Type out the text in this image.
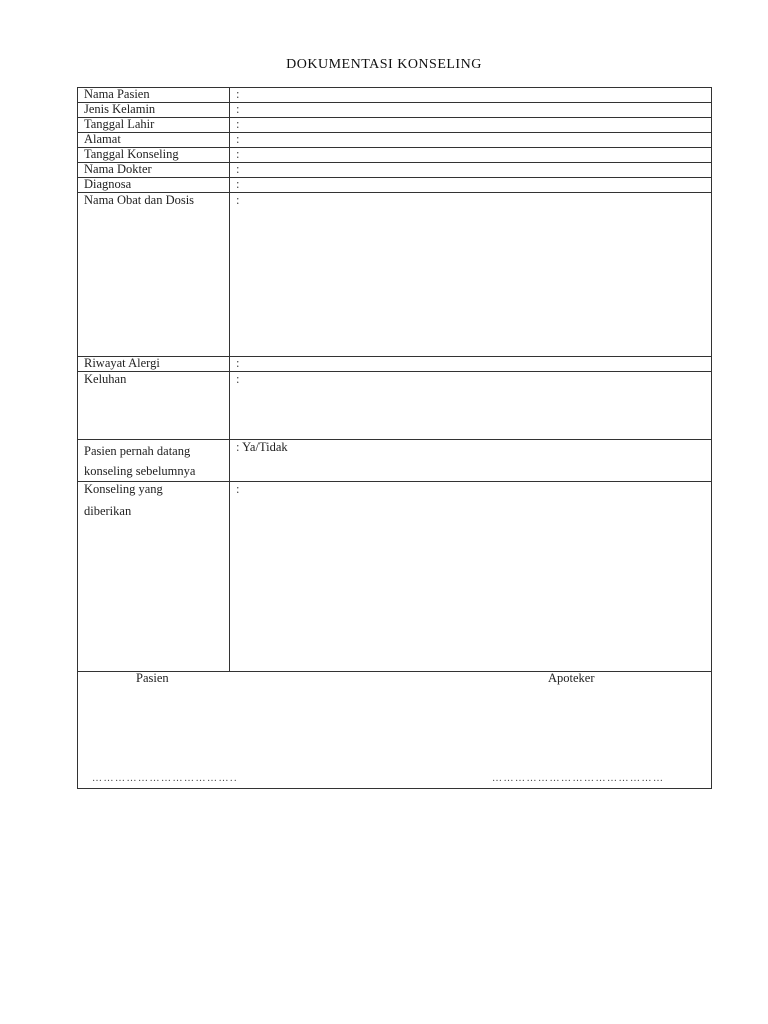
DOKUMENTASI KONSELING
Nama Pasien	:
Jenis Kelamin	:
Tanggal Lahir	:
Alamat	:
Tanggal Konseling	:
Nama Dokter	:
Diagnosa	:
Nama Obat dan Dosis	:
Riwayat Alergi	:
Keluhan	:

Pasien pernah datang
konseling sebelumnya	: Ya/Tidak

Konseling yang
diberikan	:

Pasien Apoteker
……………………………….. ………………………………………	
